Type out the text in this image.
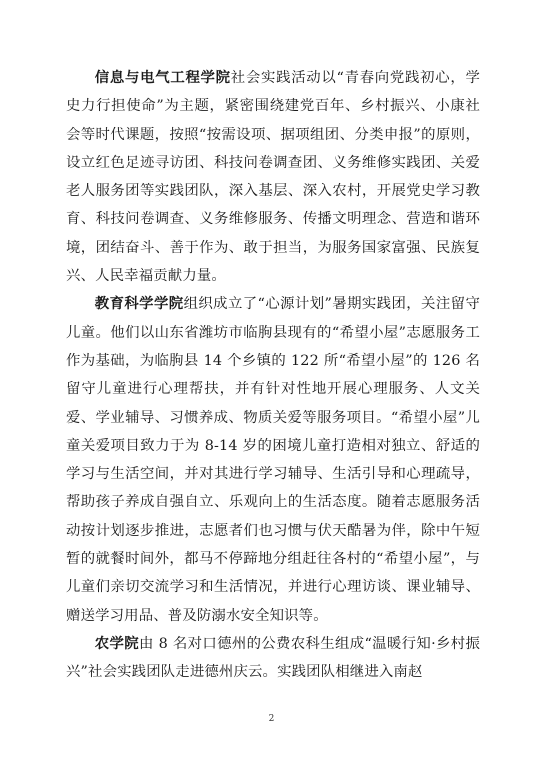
信息与电气工程学院社会实践活动以“青春向党践初心，学史力行担使命”为主题，紧密围绕建党百年、乡村振兴、小康社会等时代课题，按照“按需设项、据项组团、分类申报”的原则，设立红色足迹寻访团、科技问卷调查团、义务维修实践团、关爱老人服务团等实践团队，深入基层、深入农村，开展党史学习教育、科技问卷调查、义务维修服务、传播文明理念、营造和谐环境，团结奋斗、善于作为、敢于担当，为服务国家富强、民族复兴、人民幸福贡献力量。

教育科学学院组织成立了“心源计划”暑期实践团，关注留守儿童。他们以山东省潍坊市临朐县现有的“希望小屋”志愿服务工作为基础，为临朐县 14 个乡镇的 122 所“希望小屋”的 126 名留守儿童进行心理帮扶，并有针对性地开展心理服务、人文关爱、学业辅导、习惯养成、物质关爱等服务项目。“希望小屋”儿童关爱项目致力于为 8-14 岁的困境儿童打造相对独立、舒适的学习与生活空间，并对其进行学习辅导、生活引导和心理疏导，帮助孩子养成自强自立、乐观向上的生活态度。随着志愿服务活动按计划逐步推进，志愿者们也习惯与伏天酷暑为伴，除中午短暂的就餐时间外，都马不停蹄地分组赶往各村的“希望小屋”，与儿童们亲切交流学习和生活情况，并进行心理访谈、课业辅导、赠送学习用品、普及防溺水安全知识等。

农学院由 8 名对口德州的公费农科生组成“温暖行知·乡村振兴”社会实践团队走进德州庆云。实践团队相继进入南赵

2
